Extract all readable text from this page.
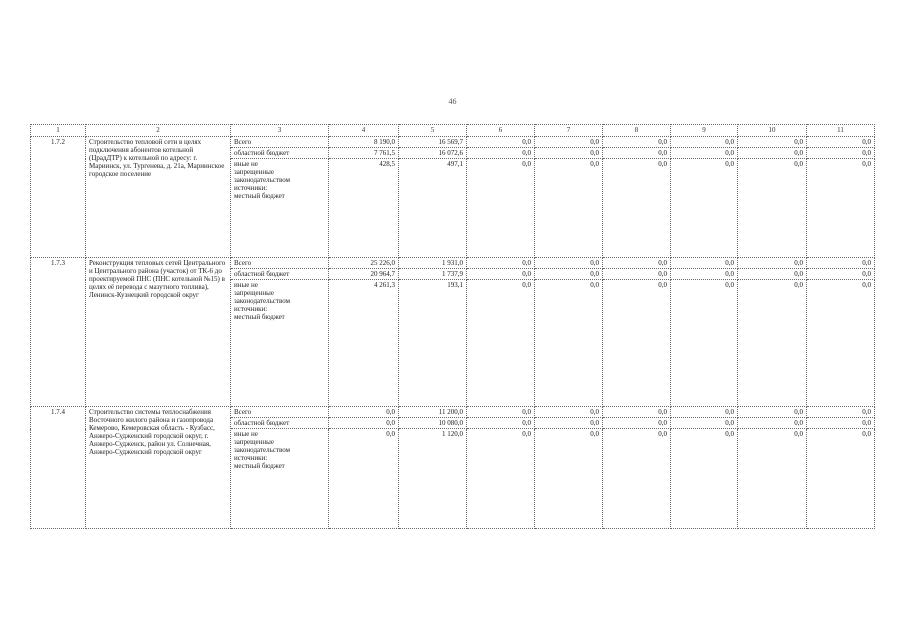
46
1	2	3	4	5	6	7	8	9	10	11
1.7.2	Строительство тепловой сети в целях подключения абонентов котельной (ЦрадДТР) к котельной по адресу: г. Мариинск, ул. Тургенева, д. 21а, Мариинское городское поселение	Всего	8 190,0	16 569,7	0,0	0,0	0,0	0,0	0,0	0,0
		областной бюджет	7 761,5	16 072,6	0,0	0,0	0,0	0,0	0,0	0,0

		иные не
запрещенные
законодательством
источники:
местный бюджет	428,5	497,1	0,0	0,0	0,0	0,0	0,0	0,0
1.7.3	Реконструкция тепловых сетей Центрального и Центрального района (участок) от ТК-6 до проектируемой ПНС (ПНС котельной №15) в целях её перевода с мазутного топлива), Ленинск-Кузнецкий городской округ	Всего	25 226,0	1 931,0	0,0	0,0	0,0	0,0	0,0	0,0
		областной бюджет	20 964,7	1 737,9	0,0	0,0	0,0	0,0	0,0	0,0

		иные не
запрещенные
законодательством
источники:
местный бюджет	4 261,3	193,1	0,0	0,0	0,0	0,0	0,0	0,0
1.7.4	Строительство системы теплоснабжения Восточного жилого района и газопровода Кемерово, Кемеровская область - Кузбасс, Анжеро-Судженский городской округ, г. Анжеро-Судженск, район ул. Солнечная, Анжеро-Судженский городской округ	Всего	0,0	11 200,0	0,0	0,0	0,0	0,0	0,0	0,0
		областной бюджет	0,0	10 080,0	0,0	0,0	0,0	0,0	0,0	0,0

		иные не
запрещенные
законодательством
источники:
местный бюджет	0,0	1 120,0	0,0	0,0	0,0	0,0	0,0	0,0
